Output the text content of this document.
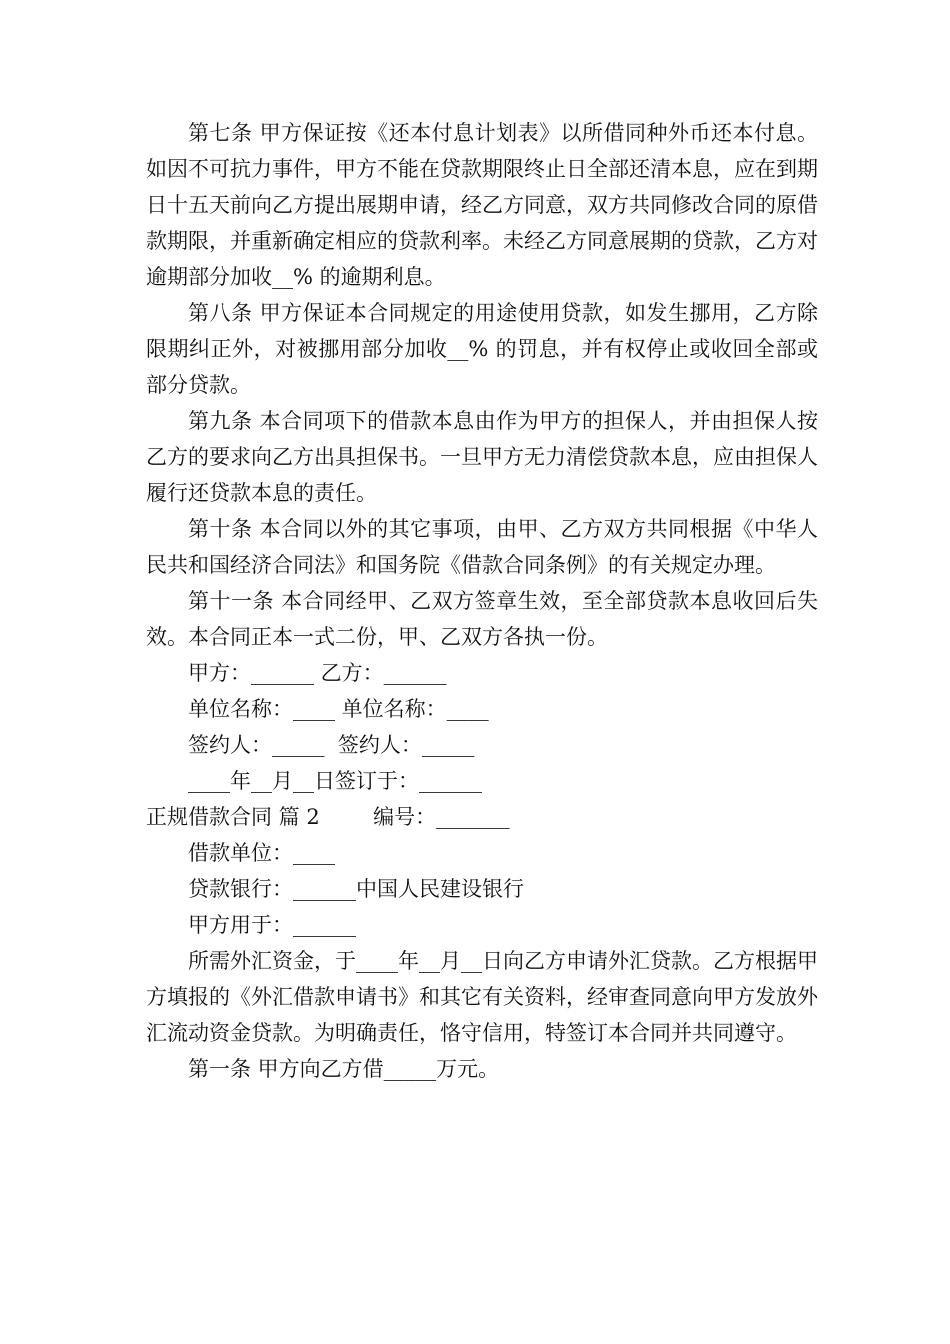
第七条 甲方保证按《还本付息计划表》以所借同种外币还本付息。如因不可抗力事件，甲方不能在贷款期限终止日全部还清本息，应在到期日十五天前向乙方提出展期申请，经乙方同意，双方共同修改合同的原借款期限，并重新确定相应的贷款利率。未经乙方同意展期的贷款，乙方对逾期部分加收__% 的逾期利息。

第八条 甲方保证本合同规定的用途使用贷款，如发生挪用，乙方除限期纠正外，对被挪用部分加收__% 的罚息，并有权停止或收回全部或部分贷款。

第九条 本合同项下的借款本息由作为甲方的担保人，并由担保人按乙方的要求向乙方出具担保书。一旦甲方无力清偿贷款本息，应由担保人履行还贷款本息的责任。

第十条 本合同以外的其它事项，由甲、乙方双方共同根据《中华人民共和国经济合同法》和国务院《借款合同条例》的有关规定办理。

第十一条 本合同经甲、乙双方签章生效，至全部贷款本息收回后失效。本合同正本一式二份，甲、乙双方各执一份。

甲方：______ 乙方：______

单位名称：____ 单位名称：____

签约人：_____  签约人：_____

____年__月__日签订于：______

正规借款合同 篇 2        编号：_______

借款单位：____

贷款银行：______中国人民建设银行

甲方用于：______

所需外汇资金，于____年__月__日向乙方申请外汇贷款。乙方根据甲方填报的《外汇借款申请书》和其它有关资料，经审查同意向甲方发放外汇流动资金贷款。为明确责任，恪守信用，特签订本合同并共同遵守。

第一条 甲方向乙方借_____万元。
